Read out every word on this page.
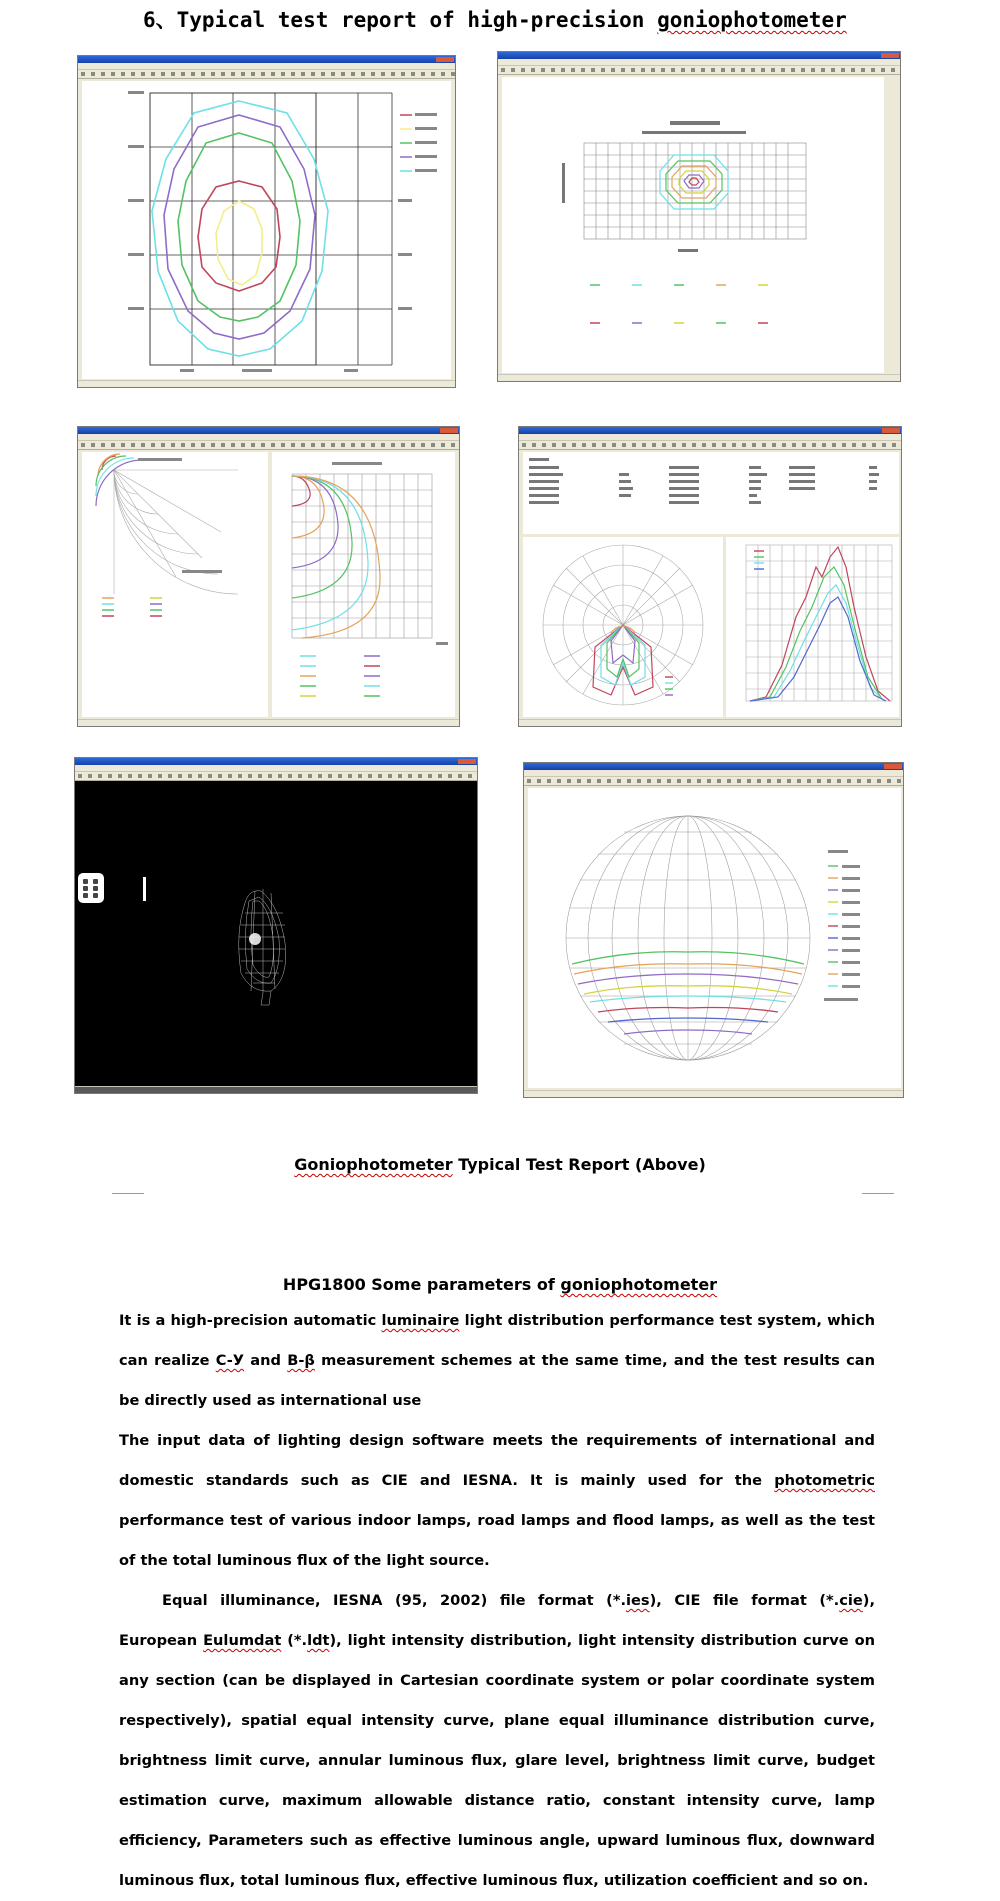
6、Typical test report of high-precision goniophotometer
Goniophotometer Typical Test Report (Above)
HPG1800 Some parameters of goniophotometer
It is a high-precision automatic luminaire light distribution performance test system, which can realize C-У and B-β measurement schemes at the same time, and the test results can be directly used as international use
The input data of lighting design software meets the requirements of international and domestic standards such as CIE and IESNA. It is mainly used for the photometric performance test of various indoor lamps, road lamps and flood lamps, as well as the test of the total luminous flux of the light source.
Equal illuminance, IESNA (95, 2002) file format (*.ies), CIE file format (*.cie), European Eulumdat (*.ldt), light intensity distribution, light intensity distribution curve on any section (can be displayed in Cartesian coordinate system or polar coordinate system respectively), spatial equal intensity curve, plane equal illuminance distribution curve, brightness limit curve, annular luminous flux, glare level, brightness limit curve, budget estimation curve, maximum allowable distance ratio, constant intensity curve, lamp efficiency, Parameters such as effective luminous angle, upward luminous flux, downward luminous flux, total luminous flux, effective luminous flux, utilization coefficient and so on.
